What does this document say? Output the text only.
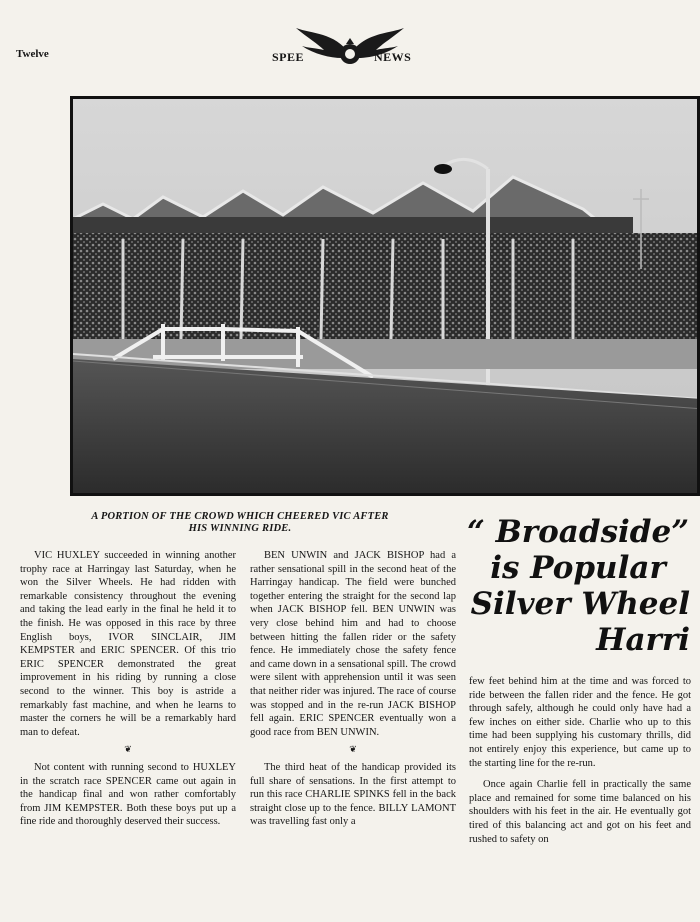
Twelve	SPEE	NEWS
A PORTION OF THE CROWD WHICH CHEERED VIC AFTER
HIS WINNING RIDE.	“ Broadside”
is Popular
Silver Wheel
Harri

VIC HUXLEY succeeded in winning another trophy race at Harringay last Saturday, when he won the Silver Wheels. He had ridden with remarkable consistency throughout the evening and taking the lead early in the final he held it to the finish. He was opposed in this race by three English boys, IVOR SINCLAIR, JIM KEMPSTER and ERIC SPENCER. Of this trio ERIC SPENCER demonstrated the great improvement in his riding by running a close second to the winner. This boy is astride a remarkably fast machine, and when he learns to master the corners he will be a remarkably hard man to defeat.

❦

Not content with running second to HUXLEY in the scratch race SPENCER came out again in the handicap final and won rather comfortably from JIM KEMPSTER. Both these boys put up a fine ride and thoroughly deserved their success.

BEN UNWIN and JACK BISHOP had a rather sensational spill in the second heat of the Harringay handicap. The field were bunched together entering the straight for the second lap when JACK BISHOP fell. BEN UNWIN was very close behind him and had to choose between hitting the fallen rider or the safety fence. He immediately chose the safety fence and came down in a sensational spill. The crowd were silent with apprehension until it was seen that neither rider was injured. The race of course was stopped and in the re-run JACK BISHOP fell again. ERIC SPENCER eventually won a good race from BEN UNWIN.

❦

The third heat of the handicap provided its full share of sensations. In the first attempt to run this race CHARLIE SPINKS fell in the back straight close up to the fence. BILLY LAMONT was travelling fast only a

few feet behind him at the time and was forced to ride between the fallen rider and the fence. He got through safely, although he could only have had a few inches on either side. Charlie who up to this time had been supplying his customary thrills, did not entirely enjoy this experience, but came up to the starting line for the re-run.

Once again Charlie fell in practically the same place and remained for some time balanced on his shoulders with his feet in the air. He eventually got tired of this balancing act and got on his feet and rushed to safety on
